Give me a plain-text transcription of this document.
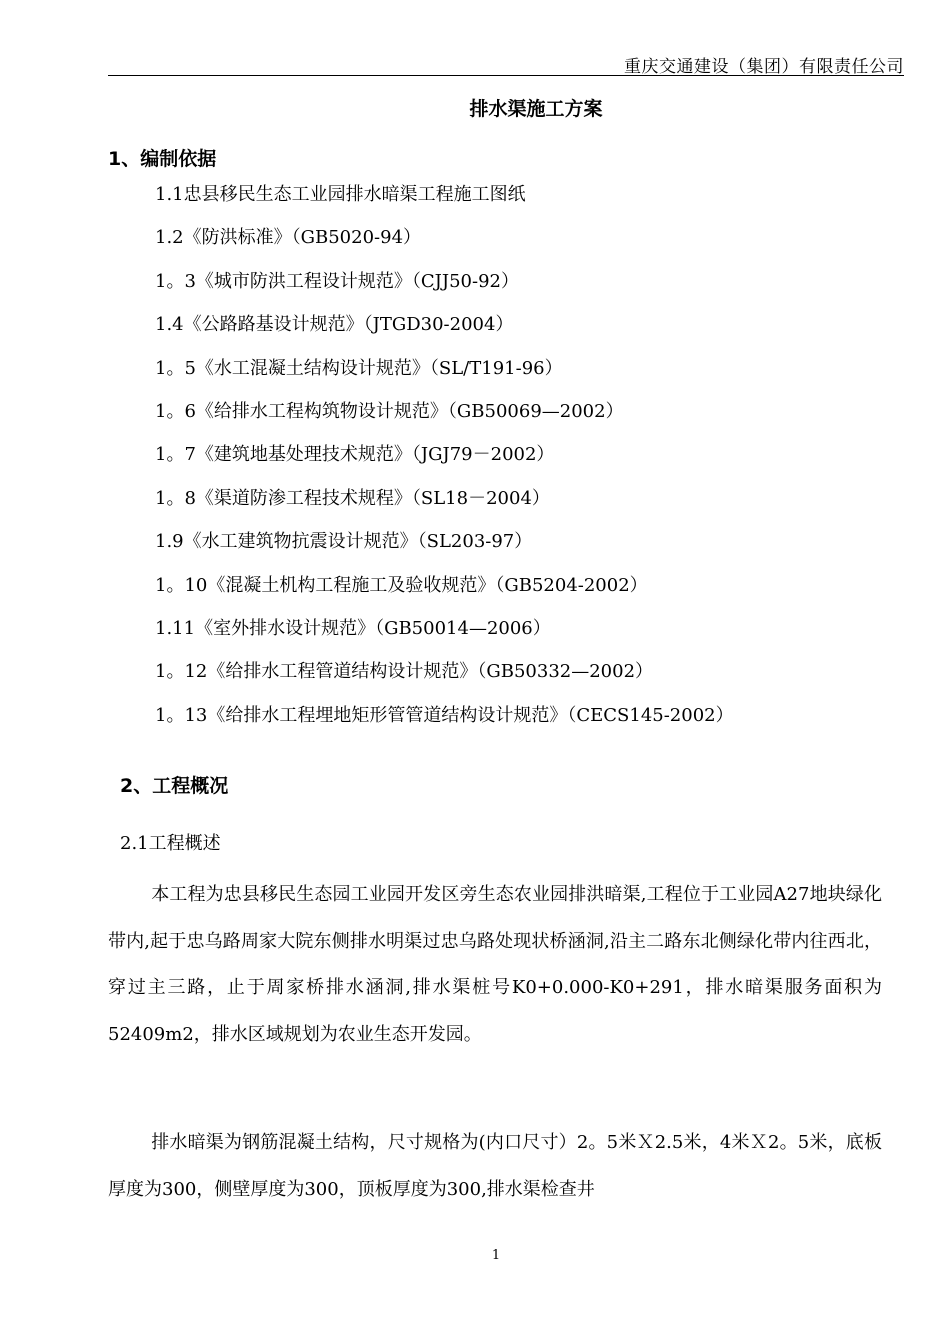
重庆交通建设（集团）有限责任公司
排水渠施工方案
1、编制依据
1.1忠县移民生态工业园排水暗渠工程施工图纸
1.2《防洪标准》（GB5020-94）
1。3《城市防洪工程设计规范》（CJJ50-92）
1.4《公路路基设计规范》（JTGD30-2004）
1。5《水工混凝土结构设计规范》（SL/T191-96）
1。6《给排水工程构筑物设计规范》（GB50069—2002）
1。7《建筑地基处理技术规范》（JGJ79－2002）
1。8《渠道防渗工程技术规程》（SL18－2004）
1.9《水工建筑物抗震设计规范》（SL203-97）
1。10《混凝土机构工程施工及验收规范》（GB5204-2002）
1.11《室外排水设计规范》（GB50014—2006）
1。12《给排水工程管道结构设计规范》（GB50332—2002）
1。13《给排水工程埋地矩形管管道结构设计规范》（CECS145-2002）
2、工程概况
2.1工程概述

本工程为忠县移民生态园工业园开发区旁生态农业园排洪暗渠,工程位于工业园A27地块绿化带内,起于忠乌路周家大院东侧排水明渠过忠乌路处现状桥涵洞,沿主二路东北侧绿化带内往西北，穿过主三路，止于周家桥排水涵洞,排水渠桩号K0+0.000-K0+291，排水暗渠服务面积为52409m2，排水区域规划为农业生态开发园。

排水暗渠为钢筋混凝土结构，尺寸规格为(内口尺寸）2。5米Ｘ2.5米，4米Ｘ2。5米，底板厚度为300，侧壁厚度为300，顶板厚度为300,排水渠检查井

1
